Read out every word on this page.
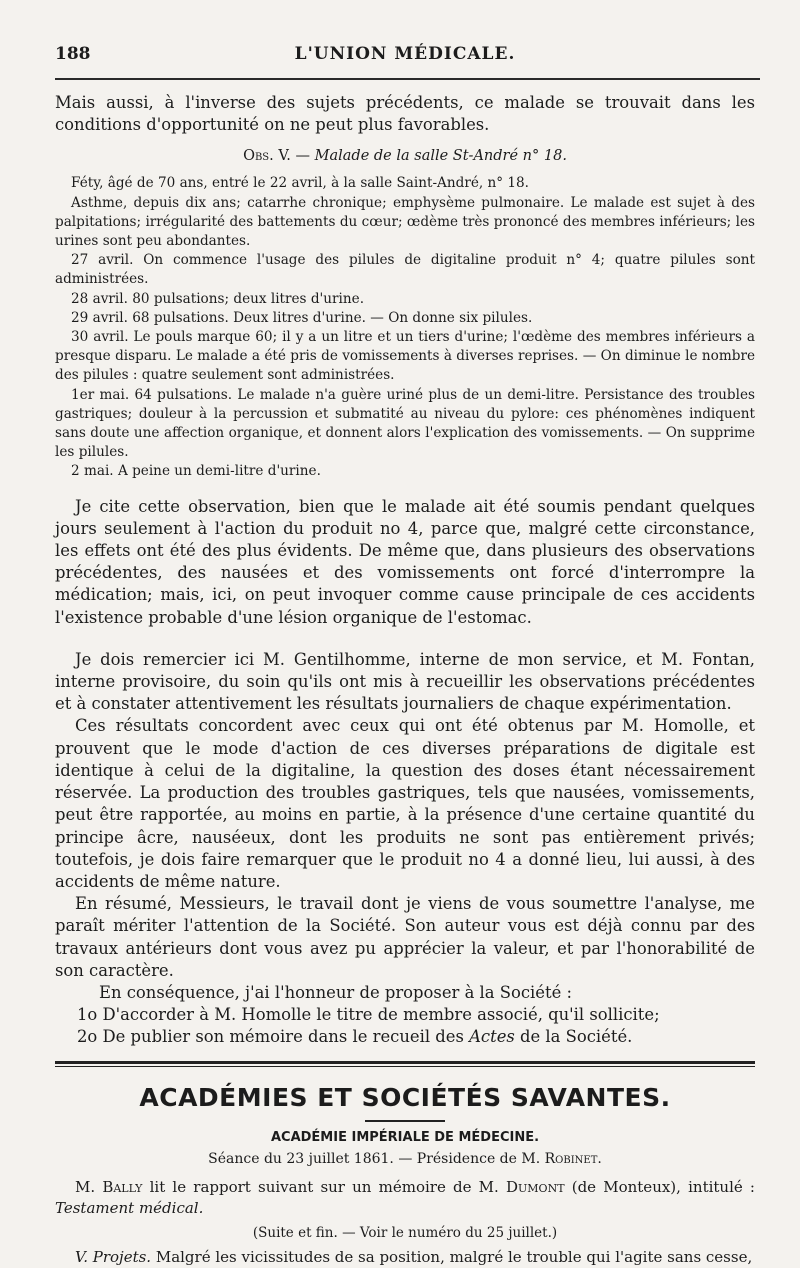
188	L'UNION MÉDICALE.

Mais aussi, à l'inverse des sujets précédents, ce malade se trouvait dans les conditions d'opportunité on ne peut plus favorables.

Obs. V. — Malade de la salle St-André n° 18.

Féty, âgé de 70 ans, entré le 22 avril, à la salle Saint-André, n° 18.

Asthme, depuis dix ans; catarrhe chronique; emphysème pulmonaire. Le malade est sujet à des palpitations; irrégularité des battements du cœur; œdème très prononcé des membres inférieurs; les urines sont peu abondantes.

27 avril. On commence l'usage des pilules de digitaline produit n° 4; quatre pilules sont administrées.

28 avril. 80 pulsations; deux litres d'urine.

29 avril. 68 pulsations. Deux litres d'urine. — On donne six pilules.

30 avril. Le pouls marque 60; il y a un litre et un tiers d'urine; l'œdème des membres inférieurs a presque disparu. Le malade a été pris de vomissements à diverses reprises. — On diminue le nombre des pilules : quatre seulement sont administrées.

1er mai. 64 pulsations. Le malade n'a guère uriné plus de un demi-litre. Persistance des troubles gastriques; douleur à la percussion et submatité au niveau du pylore: ces phénomènes indiquent sans doute une affection organique, et donnent alors l'explication des vomissements. — On supprime les pilules.

2 mai. A peine un demi-litre d'urine.

Je cite cette observation, bien que le malade ait été soumis pendant quelques jours seulement à l'action du produit no 4, parce que, malgré cette circonstance, les effets ont été des plus évidents. De même que, dans plusieurs des observations précédentes, des nausées et des vomissements ont forcé d'interrompre la médication; mais, ici, on peut invoquer comme cause principale de ces accidents l'existence probable d'une lésion organique de l'estomac.

Je dois remercier ici M. Gentilhomme, interne de mon service, et M. Fontan, interne provisoire, du soin qu'ils ont mis à recueillir les observations précédentes et à constater attentivement les résultats journaliers de chaque expérimentation.

Ces résultats concordent avec ceux qui ont été obtenus par M. Homolle, et prouvent que le mode d'action de ces diverses préparations de digitale est identique à celui de la digitaline, la question des doses étant nécessairement réservée. La production des troubles gastriques, tels que nausées, vomissements, peut être rapportée, au moins en partie, à la présence d'une certaine quantité du principe âcre, nauséeux, dont les produits ne sont pas entièrement privés; toutefois, je dois faire remarquer que le produit no 4 a donné lieu, lui aussi, à des accidents de même nature.

En résumé, Messieurs, le travail dont je viens de vous soumettre l'analyse, me paraît mériter l'attention de la Société. Son auteur vous est déjà connu par des travaux antérieurs dont vous avez pu apprécier la valeur, et par l'honorabilité de son caractère.

En conséquence, j'ai l'honneur de proposer à la Société :

1o D'accorder à M. Homolle le titre de membre associé, qu'il sollicite;

2o De publier son mémoire dans le recueil des Actes de la Société.

ACADÉMIES ET SOCIÉTÉS SAVANTES.
ACADÉMIE IMPÉRIALE DE MÉDECINE.
Séance du 23 juillet 1861. — Présidence de M. Robinet.

M. Bally lit le rapport suivant sur un mémoire de M. Dumont (de Monteux), intitulé : Testament médical.

(Suite et fin. — Voir le numéro du 25 juillet.)

V. Projets. Malgré les vicissitudes de sa position, malgré le trouble qui l'agite sans cesse,
